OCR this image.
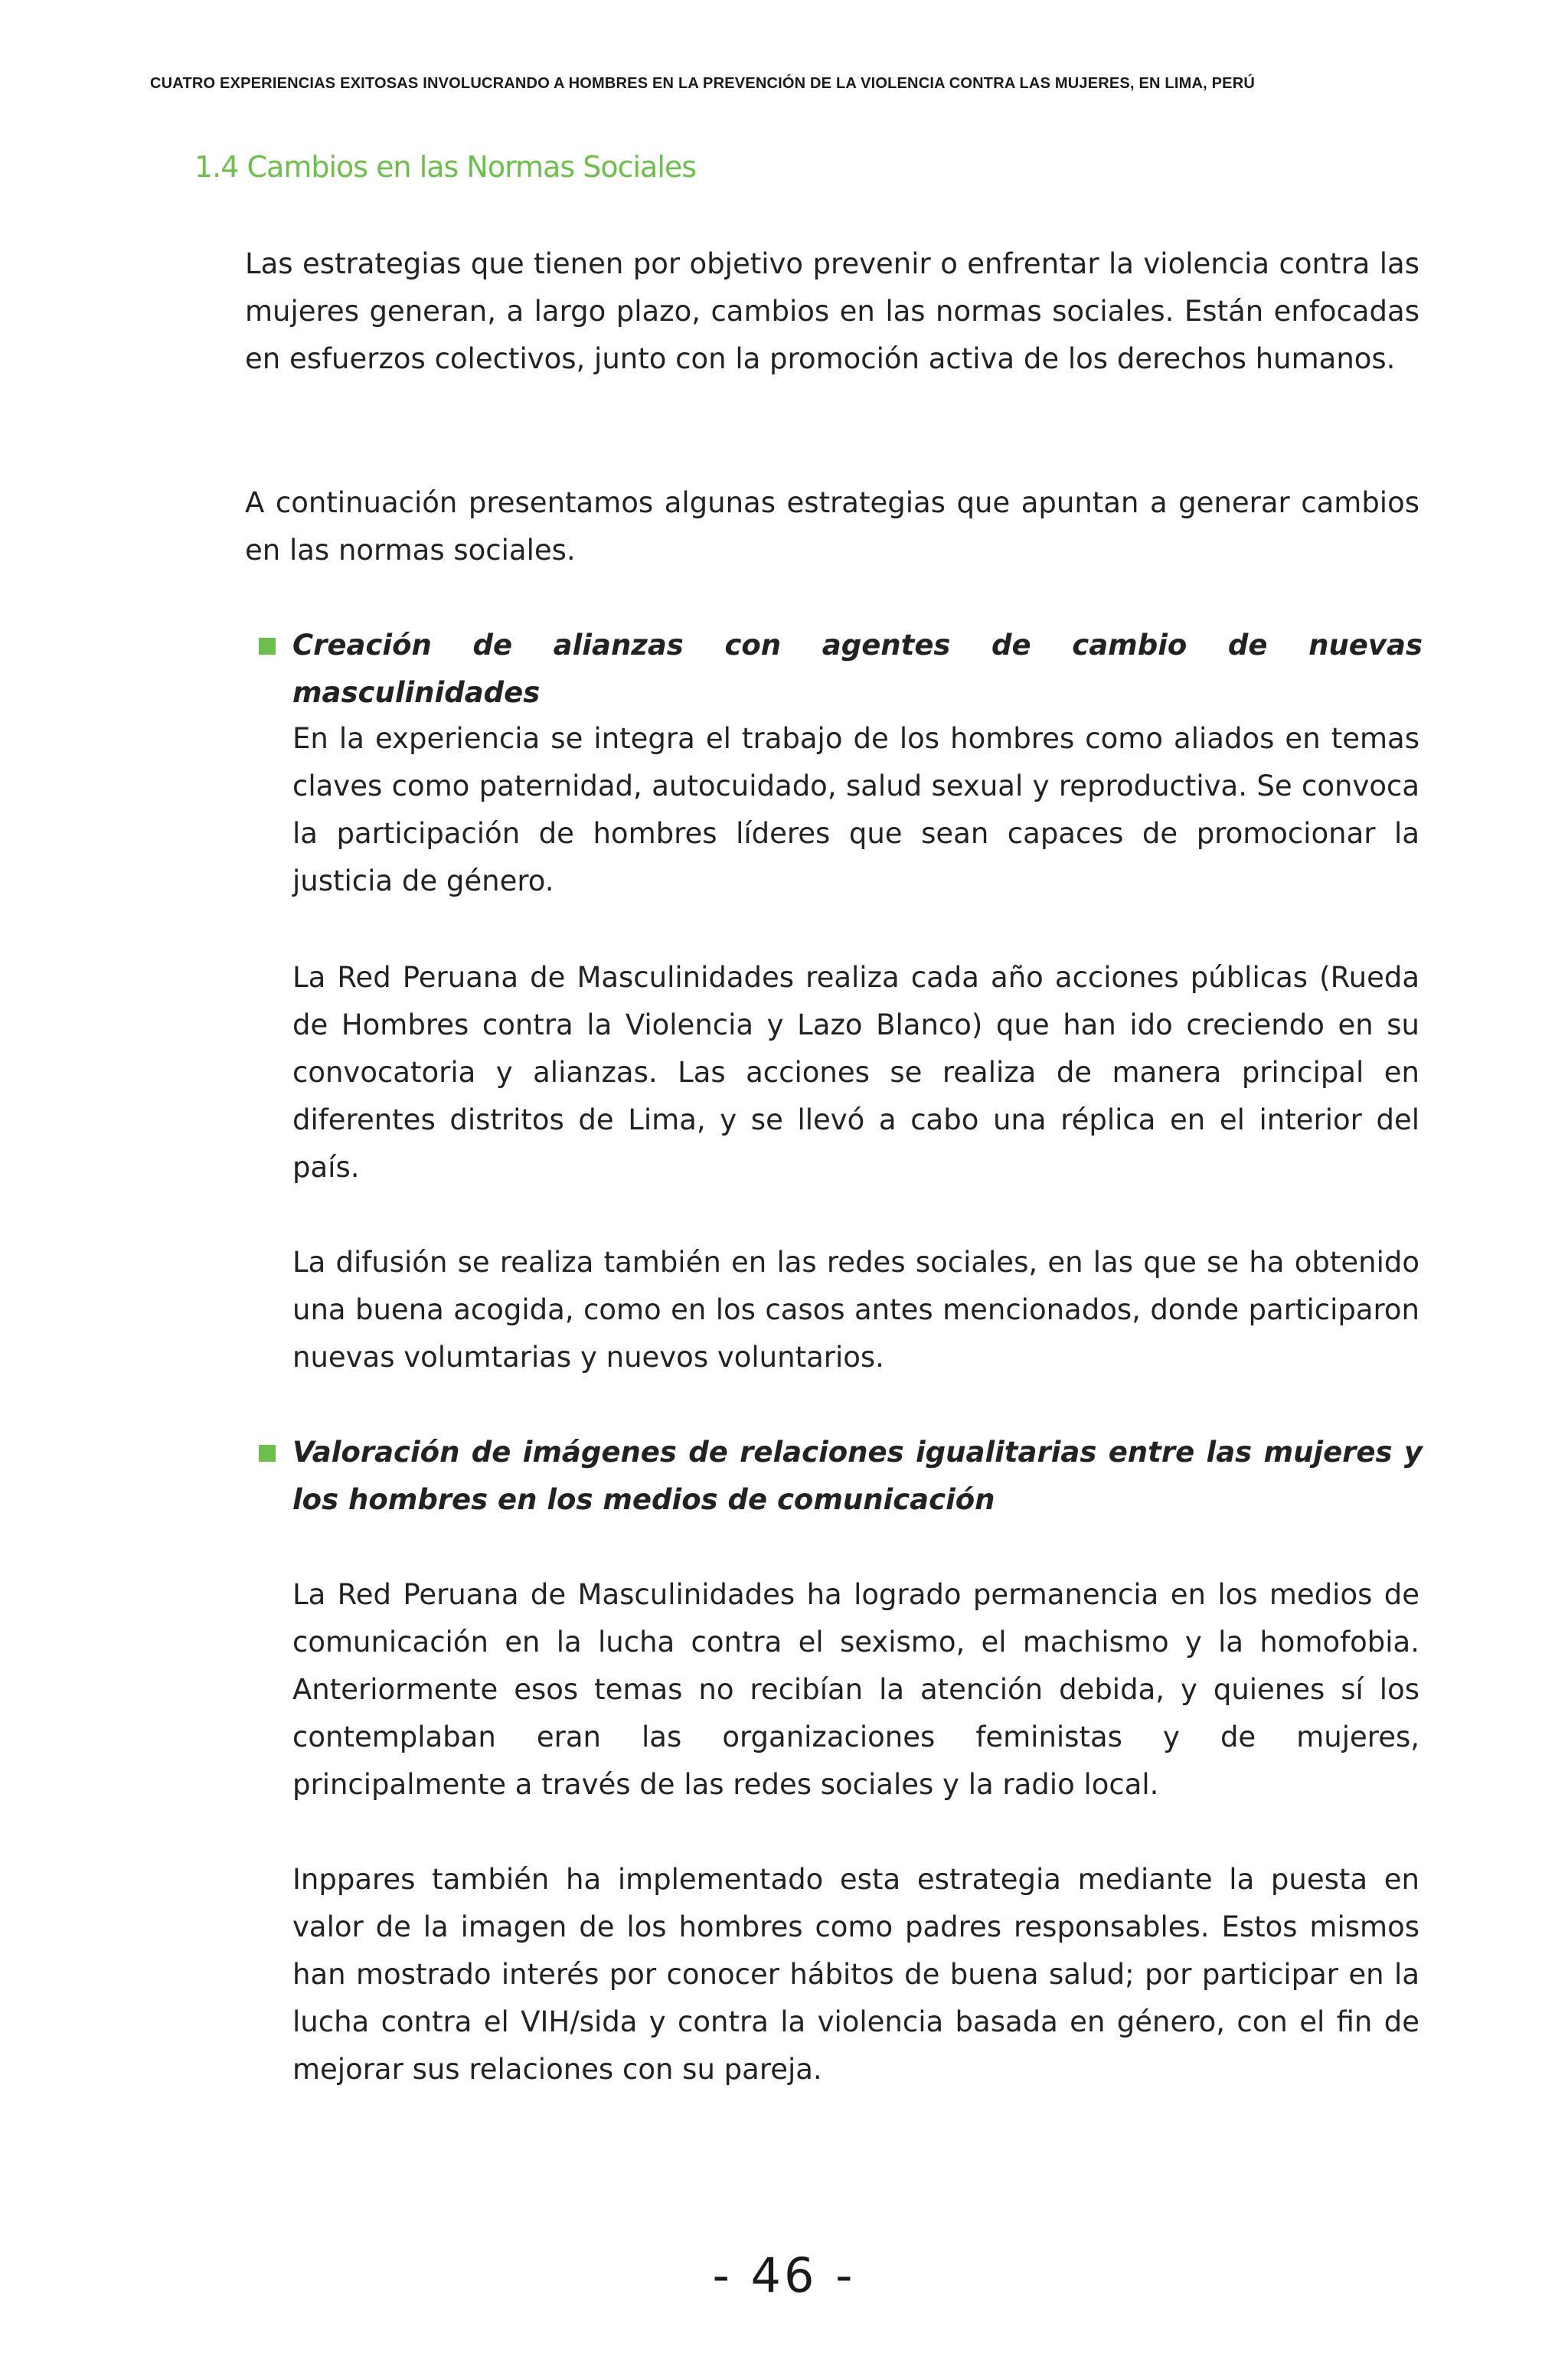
CUATRO EXPERIENCIAS EXITOSAS INVOLUCRANDO A HOMBRES EN LA PREVENCIÓN DE LA VIOLENCIA CONTRA LAS MUJERES, EN LIMA, PERÚ
1.4 Cambios en las Normas Sociales

Las estrategias que tienen por objetivo prevenir o enfrentar la violencia contra las mujeres generan, a largo plazo, cambios en las normas sociales. Están enfocadas en esfuerzos colectivos, junto con la promoción activa de los derechos humanos.

A continuación presentamos algunas estrategias que apuntan a generar cambios en las normas sociales.

Creación de alianzas con agentes de cambio de nuevas masculinidades

En la experiencia se integra el trabajo de los hombres como aliados en temas claves como paternidad, autocuidado, salud sexual y reproductiva. Se convoca la participación de hombres líderes que sean capaces de promocionar la justicia de género.

La Red Peruana de Masculinidades realiza cada año acciones públicas (Rueda de Hombres contra la Violencia y Lazo Blanco) que han ido creciendo en su convocatoria y alianzas. Las acciones se realiza de manera principal en diferentes distritos de Lima, y se llevó a cabo una réplica en el interior del país.

La difusión se realiza también en las redes sociales, en las que se ha obtenido una buena acogida, como en los casos antes mencionados, donde participaron nuevas volumtarias y nuevos voluntarios.

Valoración de imágenes de relaciones igualitarias entre las mujeres y los hombres en los medios de comunicación

La Red Peruana de Masculinidades ha logrado permanencia en los medios de comunicación en la lucha contra el sexismo, el machismo y la homofobia. Anteriormente esos temas no recibían la atención debida, y quienes sí los contemplaban eran las organizaciones feministas y de mujeres, principalmente a través de las redes sociales y la radio local.

Inppares también ha implementado esta estrategia mediante la puesta en valor de la imagen de los hombres como padres responsables. Estos mismos han mostrado interés por conocer hábitos de buena salud; por participar en la lucha contra el VIH/sida y contra la violencia basada en género, con el fin de mejorar sus relaciones con su pareja.

- 46 -
